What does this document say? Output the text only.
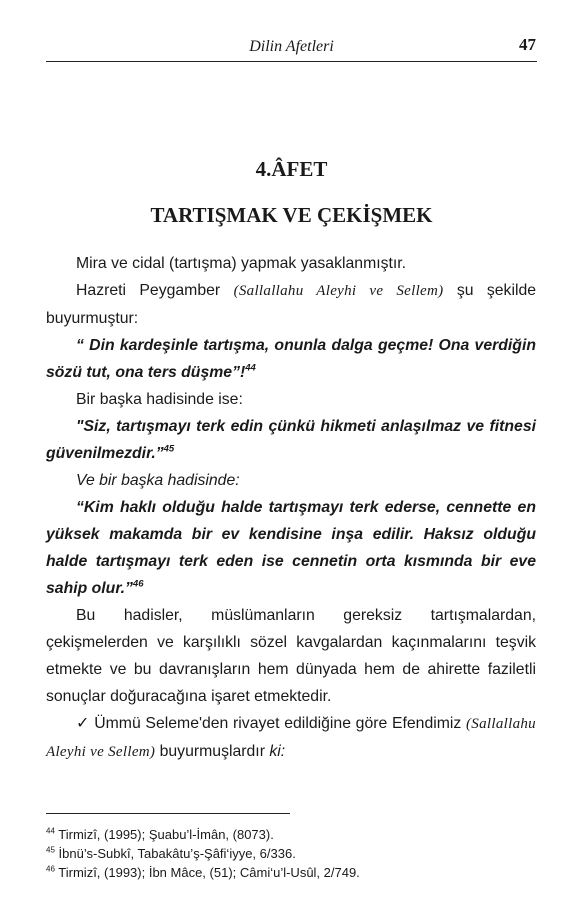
Dilin Afetleri	47
4.ÂFET
TARTIŞMAK VE ÇEKİŞMEK

Mira ve cidal (tartışma) yapmak yasaklanmıştır.

Hazreti Peygamber (Sallallahu Aleyhi ve Sellem) şu şekilde buyurmuştur:

“ Din kardeşinle tartışma, onunla dalga geçme! Ona verdiğin sözü tut, ona ters düşme”!$^{44}$

Bir başka hadisinde ise:

"Siz, tartışmayı terk edin çünkü hikmeti anlaşılmaz ve fitnesi güvenilmezdir.”$^{45}$

Ve bir başka hadisinde:

“Kim haklı olduğu halde tartışmayı terk ederse, cennette en yüksek makamda bir ev kendisine inşa edilir. Haksız olduğu halde tartışmayı terk eden ise cennetin orta kısmında bir eve sahip olur.”$^{46}$

Bu hadisler, müslümanların gereksiz tartışmalardan, çekişmelerden ve karşılıklı sözel kavgalardan kaçınmalarını teşvik etmekte ve bu davranışların hem dünyada hem de ahirette faziletli sonuçlar doğuracağına işaret etmektedir.

✓ Ümmü Seleme'den rivayet edildiğine göre Efendimiz (Sallallahu Aleyhi ve Sellem) buyurmuşlardır ki:

$^{44}$ Tirmizî, (1995); Şuabu’l-İmân, (8073).
$^{45}$ İbnü’s-Subkî, Tabakâtu’ş-Şâfi‘iyye, 6/336.
$^{46}$ Tirmizî, (1993); İbn Mâce, (51); Câmi‘u’l-Usûl, 2/749.
